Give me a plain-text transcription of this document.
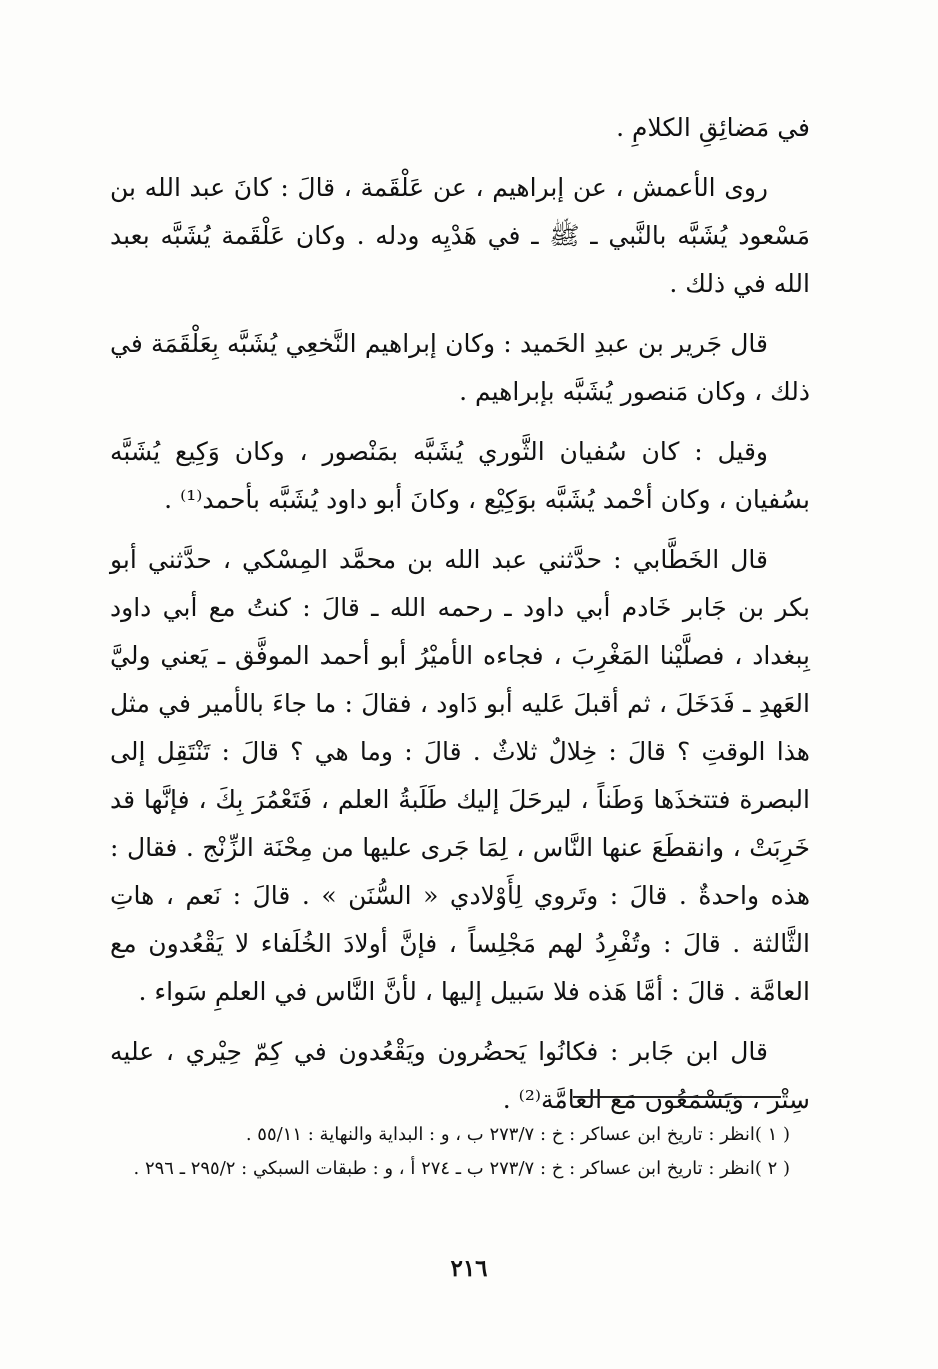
في مَضائِقِ الكلامِ .

روى الأعمش ، عن إبراهيم ، عن عَلْقَمة ، قالَ : كانَ عبد الله بن مَسْعود يُشَبَّه بالنَّبي ـ ﷺ ـ في هَدْيِه ودله . وكان عَلْقَمة يُشَبَّه بعبد الله في ذلك .

قال جَرير بن عبدِ الحَميد : وكان إبراهيم النَّخعِي يُشَبَّه بِعَلْقَمَة في ذلك ، وكان مَنصور يُشَبَّه بإبراهيم .

وقيل : كان سُفيان الثَّوري يُشَبَّه بمَنْصور ، وكان وَكِيع يُشَبَّه بسُفيان ، وكان أحْمد يُشَبَّه بوَكِيْع ، وكانَ أبو داود يُشَبَّه بأحمد⁽¹⁾ .

قال الخَطَّابي : حدَّثني عبد الله بن محمَّد المِسْكي ، حدَّثني أبو بكر بن جَابر خَادم أبي داود ـ رحمه الله ـ قالَ : كنتُ مع أبي داود بِبغداد ، فصلَّيْنا المَغْرِبَ ، فجاءه الأميْرُ أبو أحمد الموفَّق ـ يَعني وليَّ العَهدِ ـ فَدَخَلَ ، ثم أقبلَ عَليه أبو دَاود ، فقالَ : ما جاءَ بالأمير في مثل هذا الوقتِ ؟ قالَ : خِلالٌ ثلاثٌ . قالَ : وما هي ؟ قالَ : تَنْتَقِل إلى البصرة فتتخذَها وَطَناً ، ليرحَلَ إليك طَلَبةُ العلم ، فَتَعْمُرَ بِكَ ، فإنَّها قد خَرِبَتْ ، وانقطَعَ عنها النَّاس ، لِمَا جَرى عليها من مِحْنَة الزِّنْج . فقال : هذه واحدةٌ . قالَ : وتَروي لِأَوْلادي « السُّنَن » . قالَ : نَعم ، هاتِ الثَّالثة . قالَ : وتُفْرِدُ لهم مَجْلِساً ، فإنَّ أولادَ الخُلَفاء لا يَقْعُدون مع العامَّة . قالَ : أمَّا هَذه فلا سَبيل إليها ، لأنَّ النَّاس في العلمِ سَواء .

قال ابن جَابر : فكانُوا يَحضُرون ويَقْعُدون في كِمّ حِيْري ، عليه سِتْر ، وَيَسْمَعُون مَع العامَّة⁽²⁾ .

( ١ )انظر : تاريخ ابن عساكر : خ : ٢٧٣/٧ ب ، و : البداية والنهاية : ٥٥/١١ .

( ٢ )انظر : تاريخ ابن عساكر : خ : ٢٧٣/٧ ب ـ ٢٧٤ أ ، و : طبقات السبكي : ٢٩٥/٢ ـ ٢٩٦ .

٢١٦
